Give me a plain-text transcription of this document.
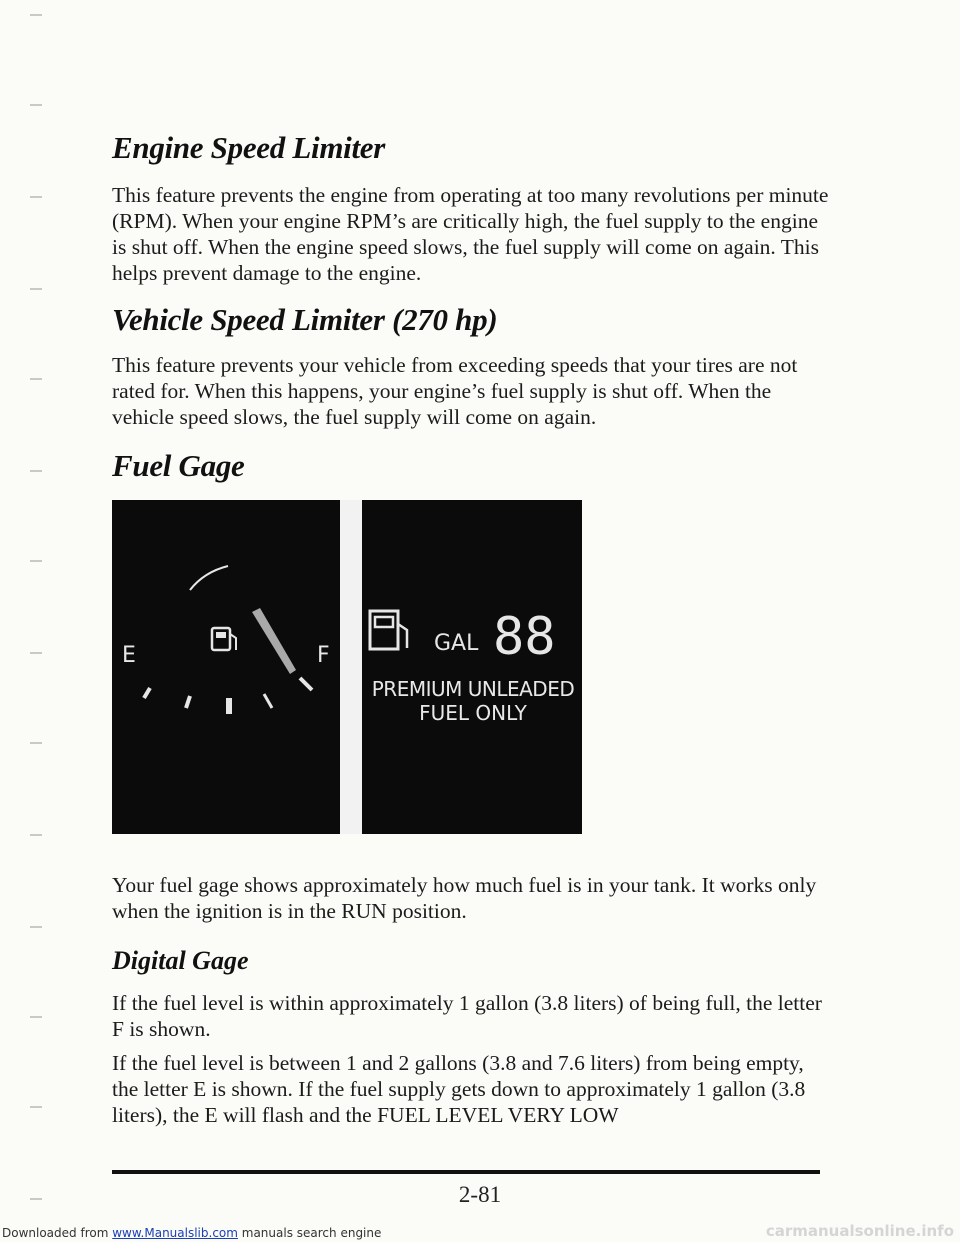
Engine Speed Limiter

This feature prevents the engine from operating at too many revolutions per minute (RPM). When your engine RPM’s are critically high, the fuel supply to the engine is shut off. When the engine speed slows, the fuel supply will come on again. This helps prevent damage to the engine.

Vehicle Speed Limiter (270 hp)

This feature prevents your vehicle from exceeding speeds that your tires are not rated for. When this happens, your engine’s fuel supply is shut off. When the vehicle speed slows, the fuel supply will come on again.

Fuel Gage
E	F	GAL 88
PREMIUM UNLEADED
FUEL ONLY

Your fuel gage shows approximately how much fuel is in your tank. It works only when the ignition is in the RUN position.

Digital Gage

If the fuel level is within approximately 1 gallon (3.8 liters) of being full, the letter F is shown.

If the fuel level is between 1 and 2 gallons (3.8 and 7.6 liters) from being empty, the letter E is shown. If the fuel supply gets down to approximately 1 gallon (3.8 liters), the E will flash and the FUEL LEVEL VERY LOW

2-81
Downloaded from www.Manualslib.com manuals search engine	carmanualsonline.info
